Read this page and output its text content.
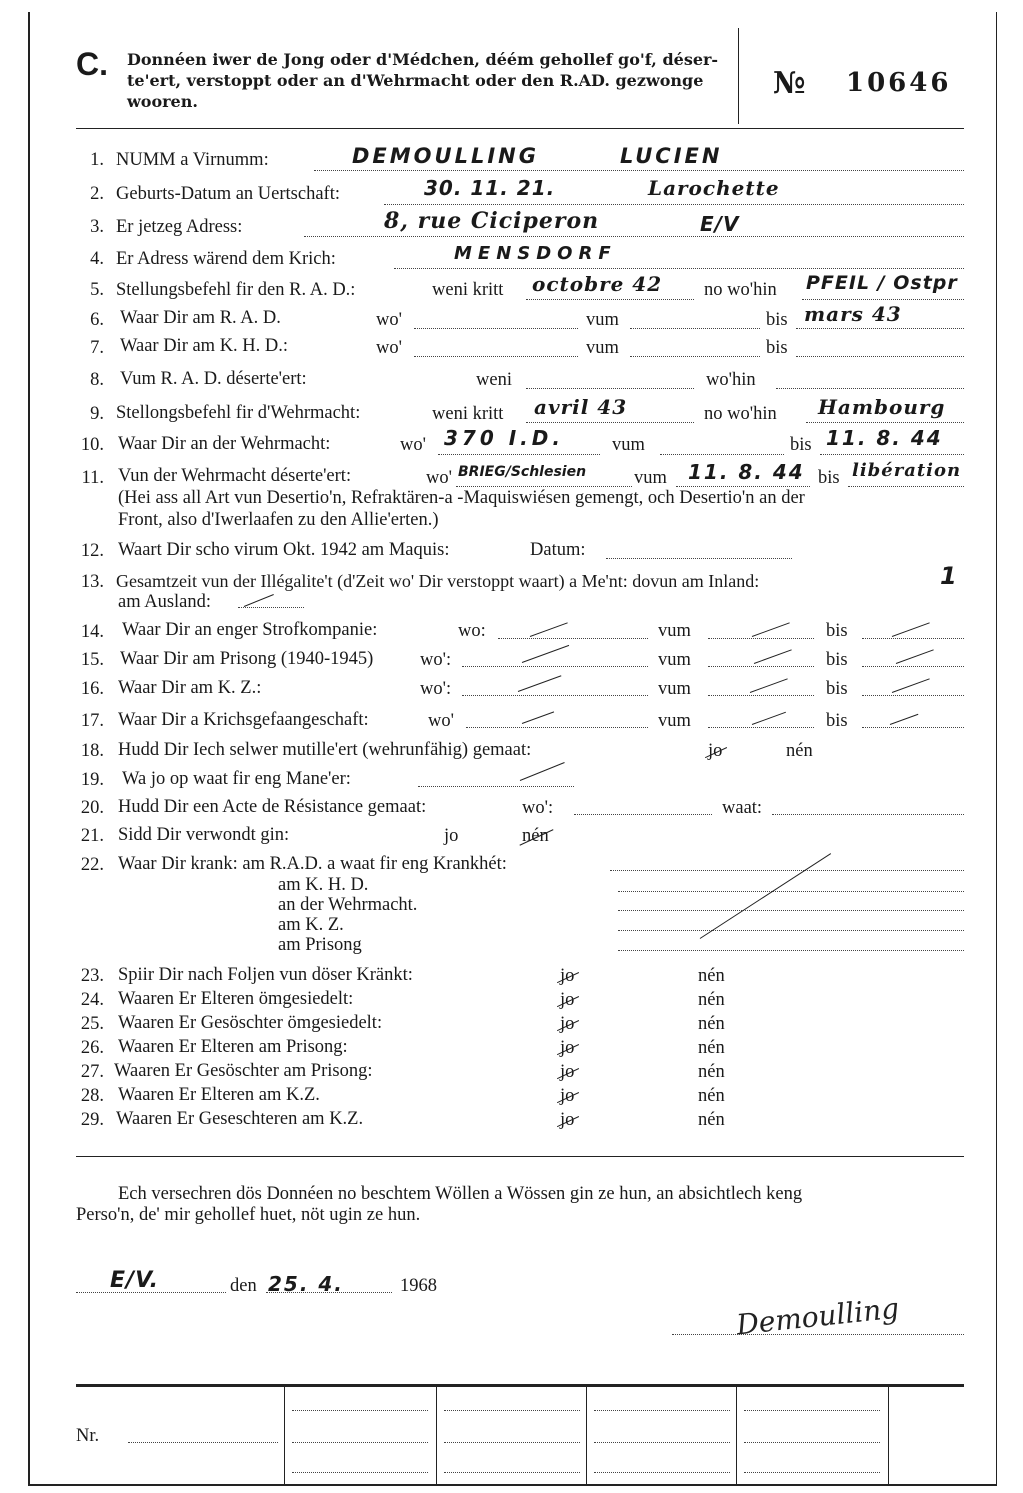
C. Donnéen iwer de Jong oder d'Médchen, déém gehollef go'f, déser-
te'ert, verstoppt oder an d'Wehrmacht oder den R.AD. gezwonge
wooren.
№ 10646
1. NUMM a Virnumm:	DEMOULLING	LUCIEN
2. Geburts-Datum an Uertschaft:	30. 11. 21.	Larochette
3. Er jetzeg Adress:	8, rue Ciciperon	E/V
4. Er Adress wärend dem Krich:	MENSDORF
5. Stellungsbefehl fir den R. A. D.:	weni kritt octobre 42 no wo'hin PFEIL / Ostpr
6. Waar Dir am R. A. D.	wo'	vum	bis mars 43
7. Waar Dir am K. H. D.:	wo'	vum	bis
8. Vum R. A. D. déserte'ert:	weni	wo'hin
9. Stellongsbefehl fir d'Wehrmacht:	weni kritt avril 43	no wo'hin Hambourg
10. Waar Dir an der Wehrmacht:	wo' 370 I.D.	vum	bis 11. 8. 44
11. Vun der Wehrmacht déserte'ert:	wo' BRIEG/Schlesien	vum 11. 8. 44 bis libération
(Hei ass all Art vun Desertio'n, Refraktären-a -Maquiswiésen gemengt, och Desertio'n an der
Front, also d'Iwerlaafen zu den Allie'erten.)
12. Waart Dir scho virum Okt. 1942 am Maquis:	Datum:
13. Gesamtzeit vun der Illégalite't (d'Zeit wo' Dir verstoppt waart) a Me'nt: dovun am Inland:	1
am Ausland:
14. Waar Dir an enger Strofkompanie:	wo:	vum	bis
15. Waar Dir am Prisong (1940-1945)	wo':	vum	bis
16. Waar Dir am K. Z.:	wo':	vum	bis
17. Waar Dir a Krichsgefaangeschaft:	wo'	vum	bis
18. Hudd Dir Iech selwer mutille'ert (wehrunfähig) gemaat:	jo	nén
19. Wa jo op waat fir eng Mane'er:
20. Hudd Dir een Acte de Résistance gemaat:	wo':	waat:
21. Sidd Dir verwondt gin:	jo	nén
22. Waar Dir krank: am R.A.D. a waat fir eng Krankhét:
am K. H. D.
an der Wehrmacht.
am K. Z.
am Prisong
23. Spiir Dir nach Foljen vun döser Kränkt:	jo	nén
24. Waaren Er Elteren ömgesiedelt:	jo	nén
25. Waaren Er Gesöschter ömgesiedelt:	jo	nén
26. Waaren Er Elteren am Prisong:	jo	nén
27. Waaren Er Gesöschter am Prisong:	jo	nén
28. Waaren Er Elteren am K.Z.	jo	nén
29. Waaren Er Geseschteren am K.Z.	jo	nén
Ech versechren dös Donnéen no beschtem Wöllen a Wössen gin ze hun, an absichtlech keng
Perso'n, de' mir gehollef huet, nöt ugin ze hun.
E/V.	den 25. 4.	1968
Demoulling
Nr.
